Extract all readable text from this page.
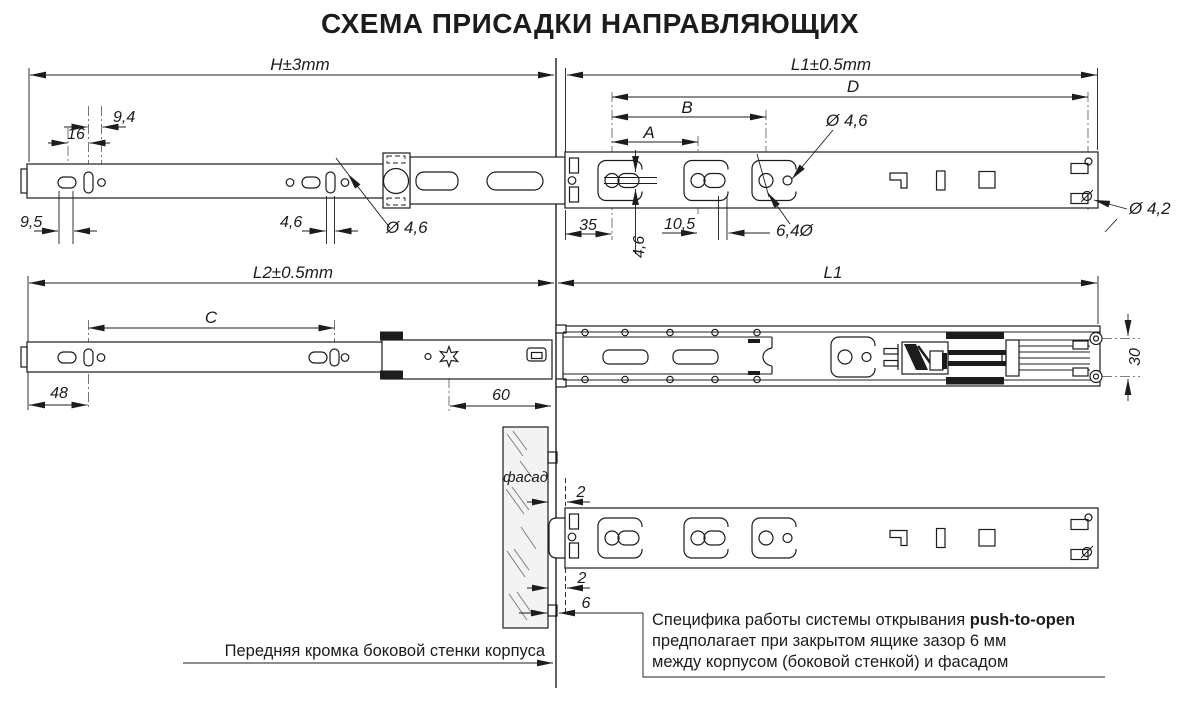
СХЕМА ПРИСАДКИ НАПРАВЛЯЮЩИХ
H±3mm
9,4
16
9,5	4,6	Ø 4,6
L1±0.5mm
D
B
A
35
4,6
10,5	6,4Ø
Ø 4,6
Ø 4,2
L2±0.5mm
C
48	60
L1
30
фасад
2
2
6
Передняя кромка боковой стенки корпуса
Специфика работы системы открывания push-to-open
предполагает при закрытом ящике зазор 6 мм
между корпусом (боковой стенкой) и фасадом
